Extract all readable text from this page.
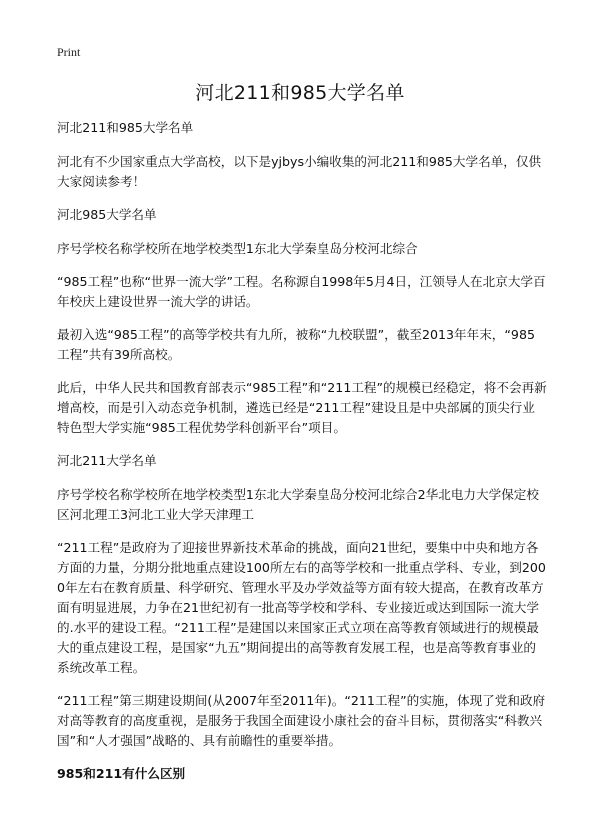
Print
河北211和985大学名单

河北211和985大学名单

河北有不少国家重点大学高校，以下是yjbys小编收集的河北211和985大学名单，仅供大家阅读参考！

河北985大学名单

序号学校名称学校所在地学校类型1东北大学秦皇岛分校河北综合

“985工程”也称“世界一流大学”工程。名称源自1998年5月4日，江领导人在北京大学百年校庆上建设世界一流大学的讲话。

最初入选“985工程”的高等学校共有九所，被称“九校联盟”，截至2013年年末，“985工程”共有39所高校。

此后，中华人民共和国教育部表示“985工程”和“211工程”的规模已经稳定，将不会再新增高校，而是引入动态竞争机制，遴选已经是“211工程”建设且是中央部属的顶尖行业特色型大学实施“985工程优势学科创新平台”项目。

河北211大学名单

序号学校名称学校所在地学校类型1东北大学秦皇岛分校河北综合2华北电力大学保定校区河北理工3河北工业大学天津理工

“211工程”是政府为了迎接世界新技术革命的挑战，面向21世纪，要集中中央和地方各方面的力量，分期分批地重点建设100所左右的高等学校和一批重点学科、专业，到2000年左右在教育质量、科学研究、管理水平及办学效益等方面有较大提高，在教育改革方面有明显进展，力争在21世纪初有一批高等学校和学科、专业接近或达到国际一流大学的.水平的建设工程。“211工程”是建国以来国家正式立项在高等教育领域进行的规模最大的重点建设工程，是国家“九五”期间提出的高等教育发展工程，也是高等教育事业的系统改革工程。

“211工程”第三期建设期间(从2007年至2011年)。“211工程”的实施，体现了党和政府对高等教育的高度重视，是服务于我国全面建设小康社会的奋斗目标，贯彻落实“科教兴国”和“人才强国”战略的、具有前瞻性的重要举措。

985和211有什么区别
